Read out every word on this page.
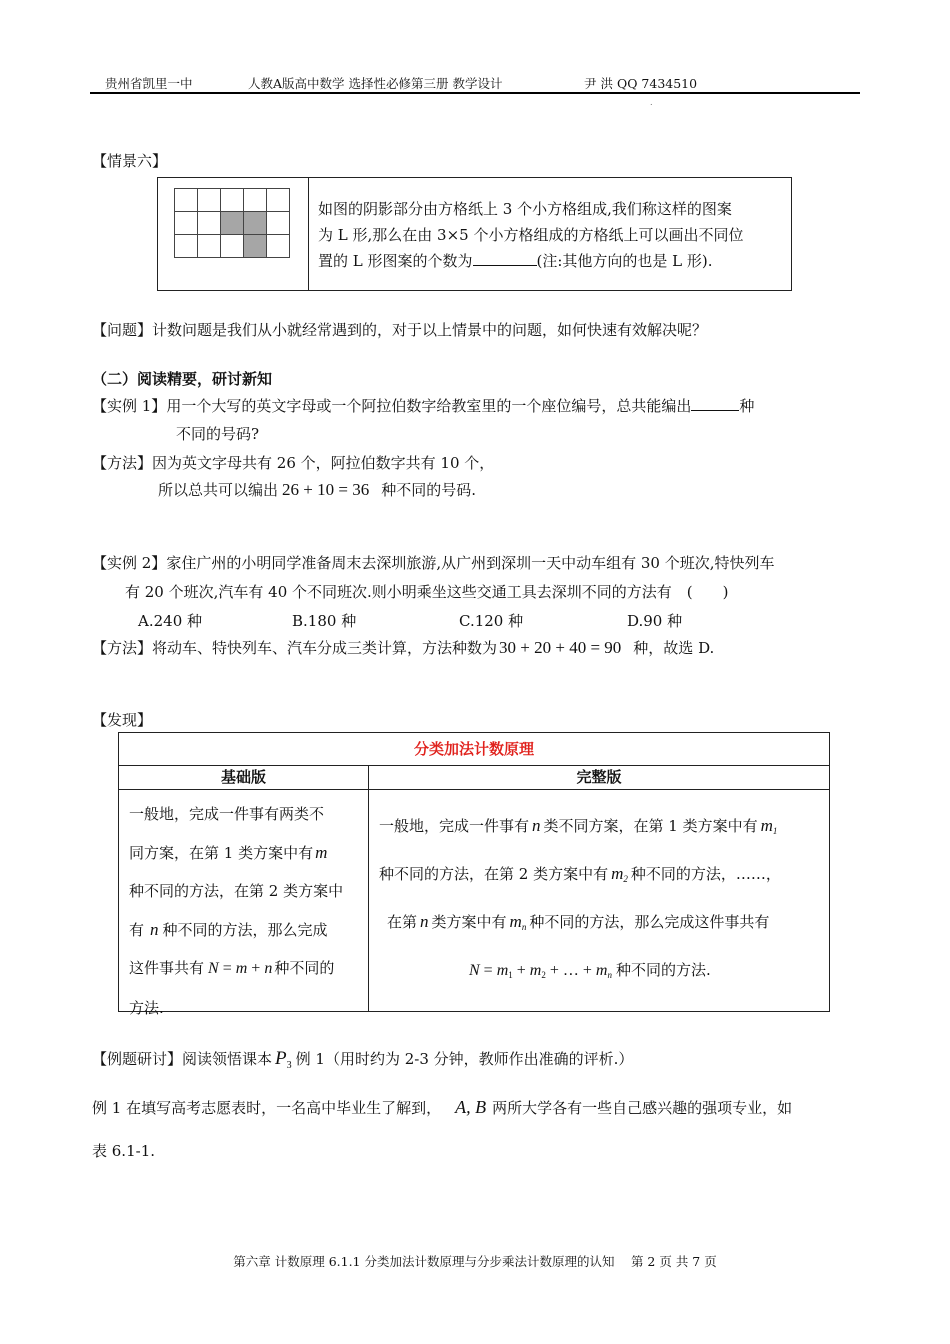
贵州省凯里一中	人教A版高中数学 选择性必修第三册 教学设计	尹 洪 QQ 7434510
.
【情景六】

如图的阴影部分由方格纸上 3 个小方格组成,我们称这样的图案
为 L 形,那么在由 3×5 个小方格组成的方格纸上可以画出不同位
置的 L 形图案的个数为	(注:其他方向的也是 L 形).
【问题】计数问题是我们从小就经常遇到的，对于以上情景中的问题，如何快速有效解决呢？
（二）阅读精要，研讨新知
【实例 1】用一个大写的英文字母或一个阿拉伯数字给教室里的一个座位编号，总共能编出	种
不同的号码?
【方法】因为英文字母共有 26 个，阿拉伯数字共有 10 个，
所以总共可以编出 26 + 10 = 36 种不同的号码.
【实例 2】家住广州的小明同学准备周末去深圳旅游,从广州到深圳一天中动车组有 30 个班次,特快列车
有 20 个班次,汽车有 40 个不同班次.则小明乘坐这些交通工具去深圳不同的方法有　(　　)
A.240 种	B.180 种	C.120 种	D.90 种
【方法】将动车、特快列车、汽车分成三类计算，方法种数为 30 + 20 + 40 = 90 种，故选 D.
【发现】
分类加法计数原理
基础版	完整版
一般地，完成一件事有两类不
同方案，在第 1 类方案中有 m
种不同的方法，在第 2 类方案中
有 n 种不同的方法，那么完成
这件事共有 N = m + n 种不同的
方法.
一般地，完成一件事有 n 类不同方案，在第 1 类方案中有 $m_1$
种不同的方法，在第 2 类方案中有 $m_2$ 种不同的方法，……，
在第 n 类方案中有 $m_n$ 种不同的方法，那么完成这件事共有
$N = m_1 + m_2$ + … + $m_n$ 种不同的方法.
【例题研讨】阅读领悟课本 $P_3$ 例 1（用时约为 2-3 分钟，教师作出准确的评析.）
例 1 在填写高考志愿表时，一名高中毕业生了解到， A, B 两所大学各有一些自己感兴趣的强项专业，如
表 6.1-1.
第六章 计数原理 6.1.1 分类加法计数原理与分步乘法计数原理的认知　 第 2 页 共 7 页
